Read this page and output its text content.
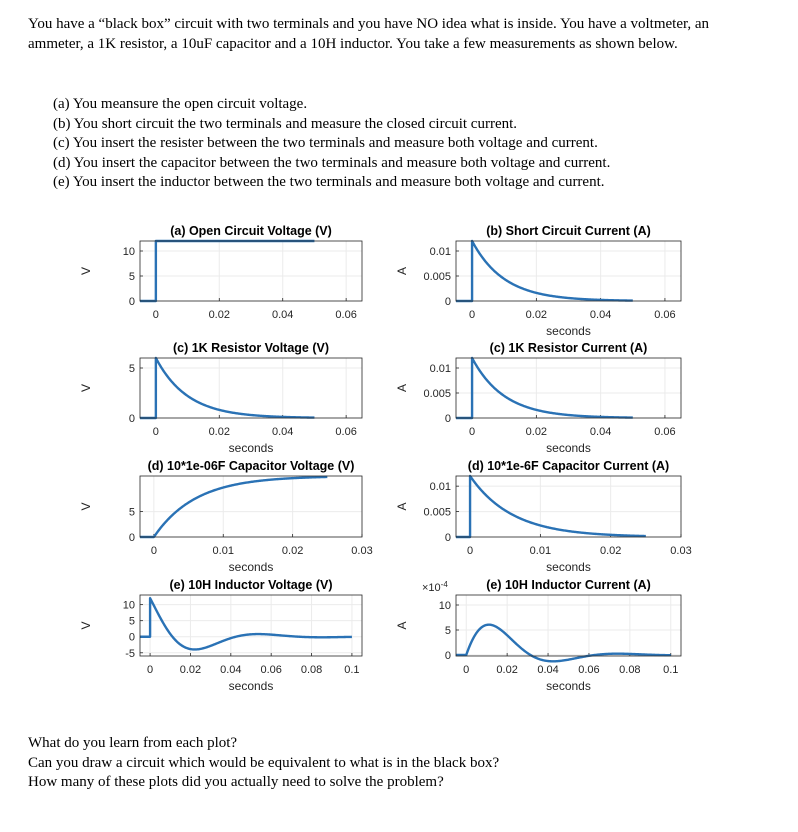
You have a “black box” circuit with two terminals and you have NO idea what is inside. You have a voltmeter, an ammeter, a 1K resistor, a 10uF capacitor and a 10H inductor. You take a few measurements as shown below.
(a) You meansure the open circuit voltage.
(b) You short circuit the two terminals and measure the closed circuit current.
(c) You insert the resister between the two terminals and measure both voltage and current.
(d) You insert the capacitor between the two terminals and measure both voltage and current.
(e) You insert the inductor between the two terminals and measure both voltage and current.
0	0.02	0.04	0.06
0
5
10
(a) Open Circuit Voltage (V)
V
0	0.02	0.04	0.06
0
0.005
0.01
(b) Short Circuit Current (A)
seconds
A
0	0.02	0.04	0.06
0
5
(c) 1K Resistor Voltage (V)
seconds
V
0	0.02	0.04	0.06
0
0.005
0.01
(c) 1K Resistor Current (A)
seconds
A
0	0.01	0.02	0.03
0
5
(d) 10*1e-06F Capacitor Voltage (V)
seconds
V
0	0.01	0.02	0.03
0
0.005
0.01
(d) 10*1e-6F Capacitor Current (A)
seconds
A
0 0.02 0.04 0.06 0.08 0.1
-5
0
5
10
(e) 10H Inductor Voltage (V)
seconds
V
0 0.02 0.04 0.06 0.08 0.1
0
5
10
$\times 10^{-4}$	(e) 10H Inductor Current (A)
seconds
A
What do you learn from each plot?
Can you draw a circuit which would be equivalent to what is in the black box?
How many of these plots did you actually need to solve the problem?
